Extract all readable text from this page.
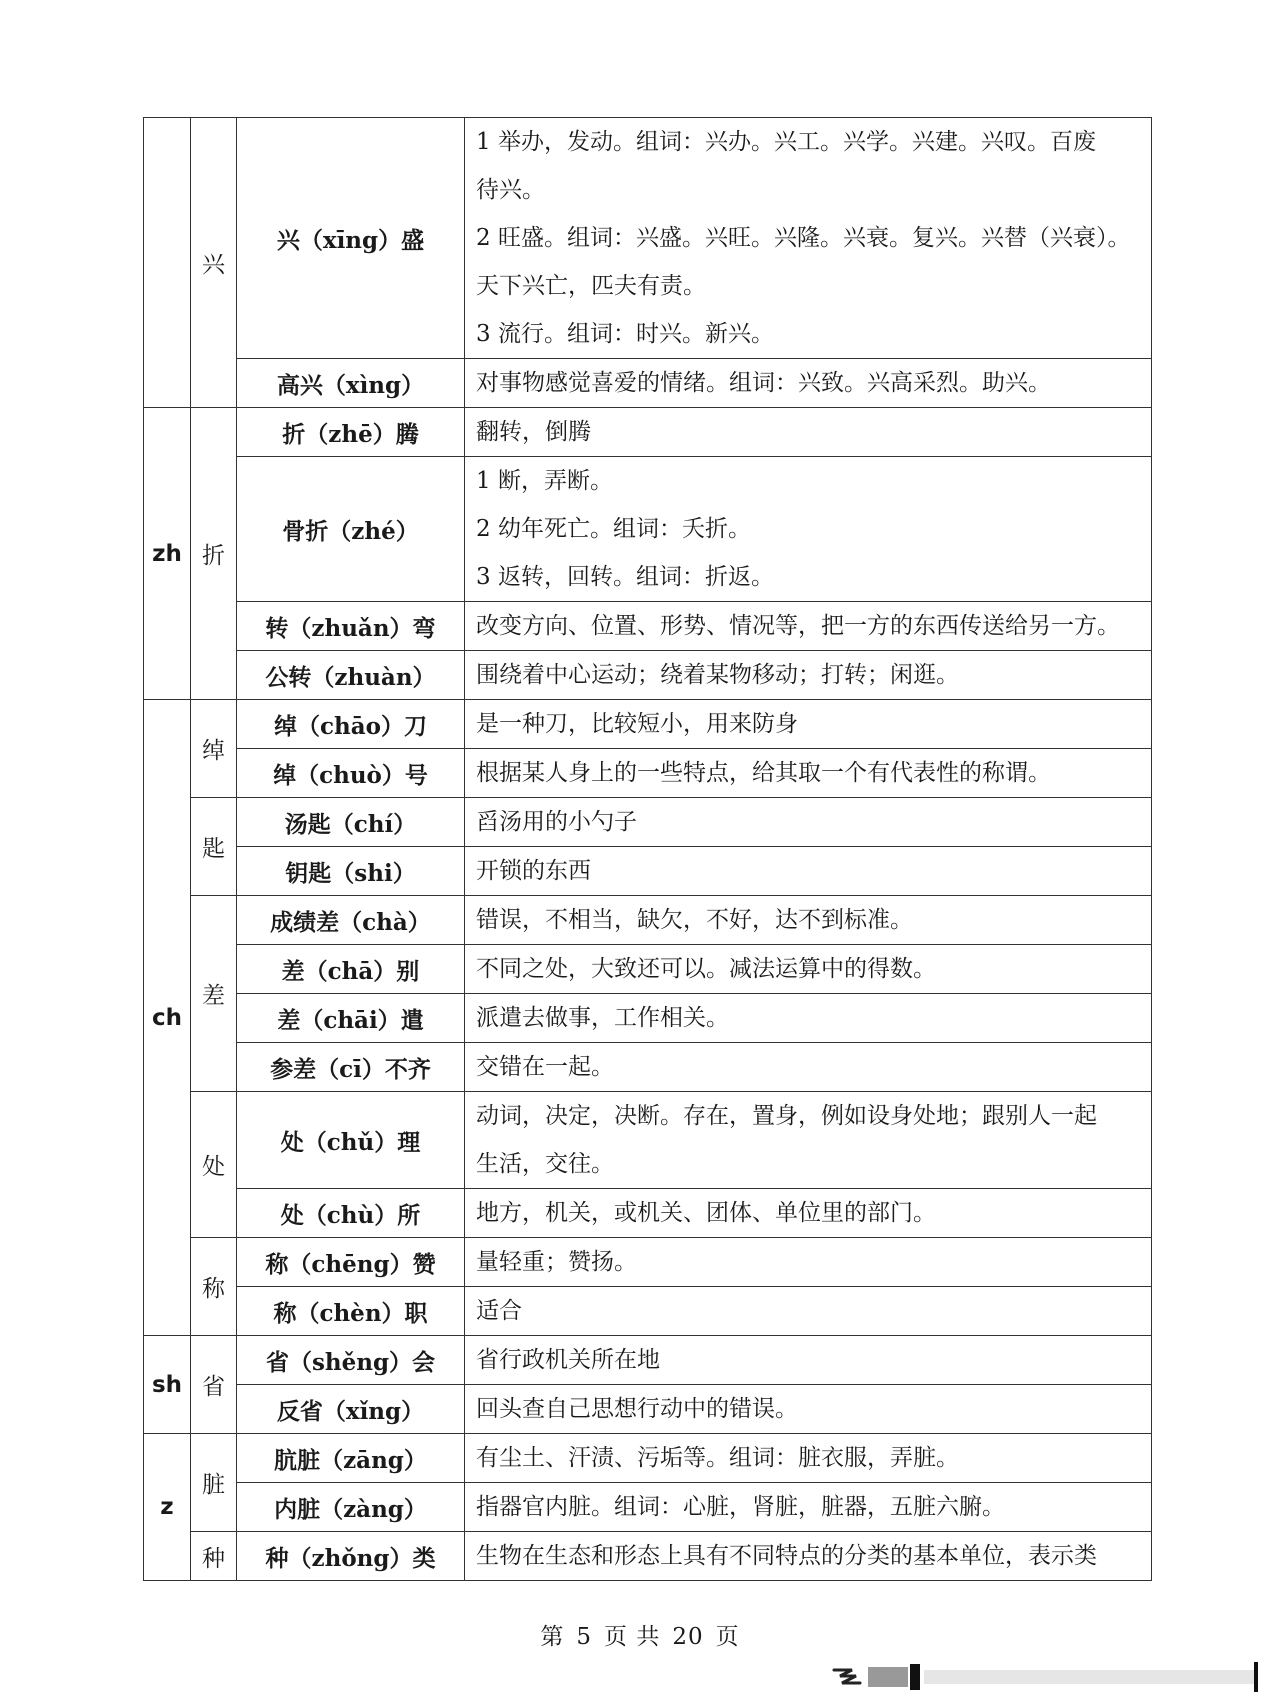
	兴	兴（xīng）盛	1 举办，发动。组词：兴办。兴工。兴学。兴建。兴叹。百废
待兴。
2 旺盛。组词：兴盛。兴旺。兴隆。兴衰。复兴。兴替（兴衰）。
天下兴亡，匹夫有责。
3 流行。组词：时兴。新兴。

		高兴（xìng）	对事物感觉喜爱的情绪。组词：兴致。兴高采烈。助兴。

zh	折	折（zhē）腾	翻转，倒腾

		骨折（zhé）	1 断，弄断。
2 幼年死亡。组词：夭折。
3 返转，回转。组词：折返。

		转（zhuǎn）弯	改变方向、位置、形势、情况等，把一方的东西传送给另一方。

		公转（zhuàn）	围绕着中心运动；绕着某物移动；打转；闲逛。

ch	绰	绰（chāo）刀	是一种刀，比较短小，用来防身

		绰（chuò）号	根据某人身上的一些特点，给其取一个有代表性的称谓。

	匙	汤匙（chí）	舀汤用的小勺子

		钥匙（shi）	开锁的东西

	差	成绩差（chà）	错误，不相当，缺欠，不好，达不到标准。

		差（chā）别	不同之处，大致还可以。减法运算中的得数。

		差（chāi）遣	派遣去做事，工作相关。

		参差（cī）不齐	交错在一起。

	处	处（chǔ）理	动词，决定，决断。存在，置身，例如设身处地；跟别人一起
生活，交往。

		处（chù）所	地方，机关，或机关、团体、单位里的部门。

	称	称（chēng）赞	量轻重；赞扬。

		称（chèn）职	适合

sh	省	省（shěng）会	省行政机关所在地

		反省（xǐng）	回头查自己思想行动中的错误。

z	脏	肮脏（zāng）	有尘土、汗渍、污垢等。组词：脏衣服，弄脏。

		内脏（zàng）	指器官内脏。组词：心脏，肾脏，脏器，五脏六腑。

	种	种（zhǒng）类	生物在生态和形态上具有不同特点的分类的基本单位，表示类
第 5 页 共 20 页
